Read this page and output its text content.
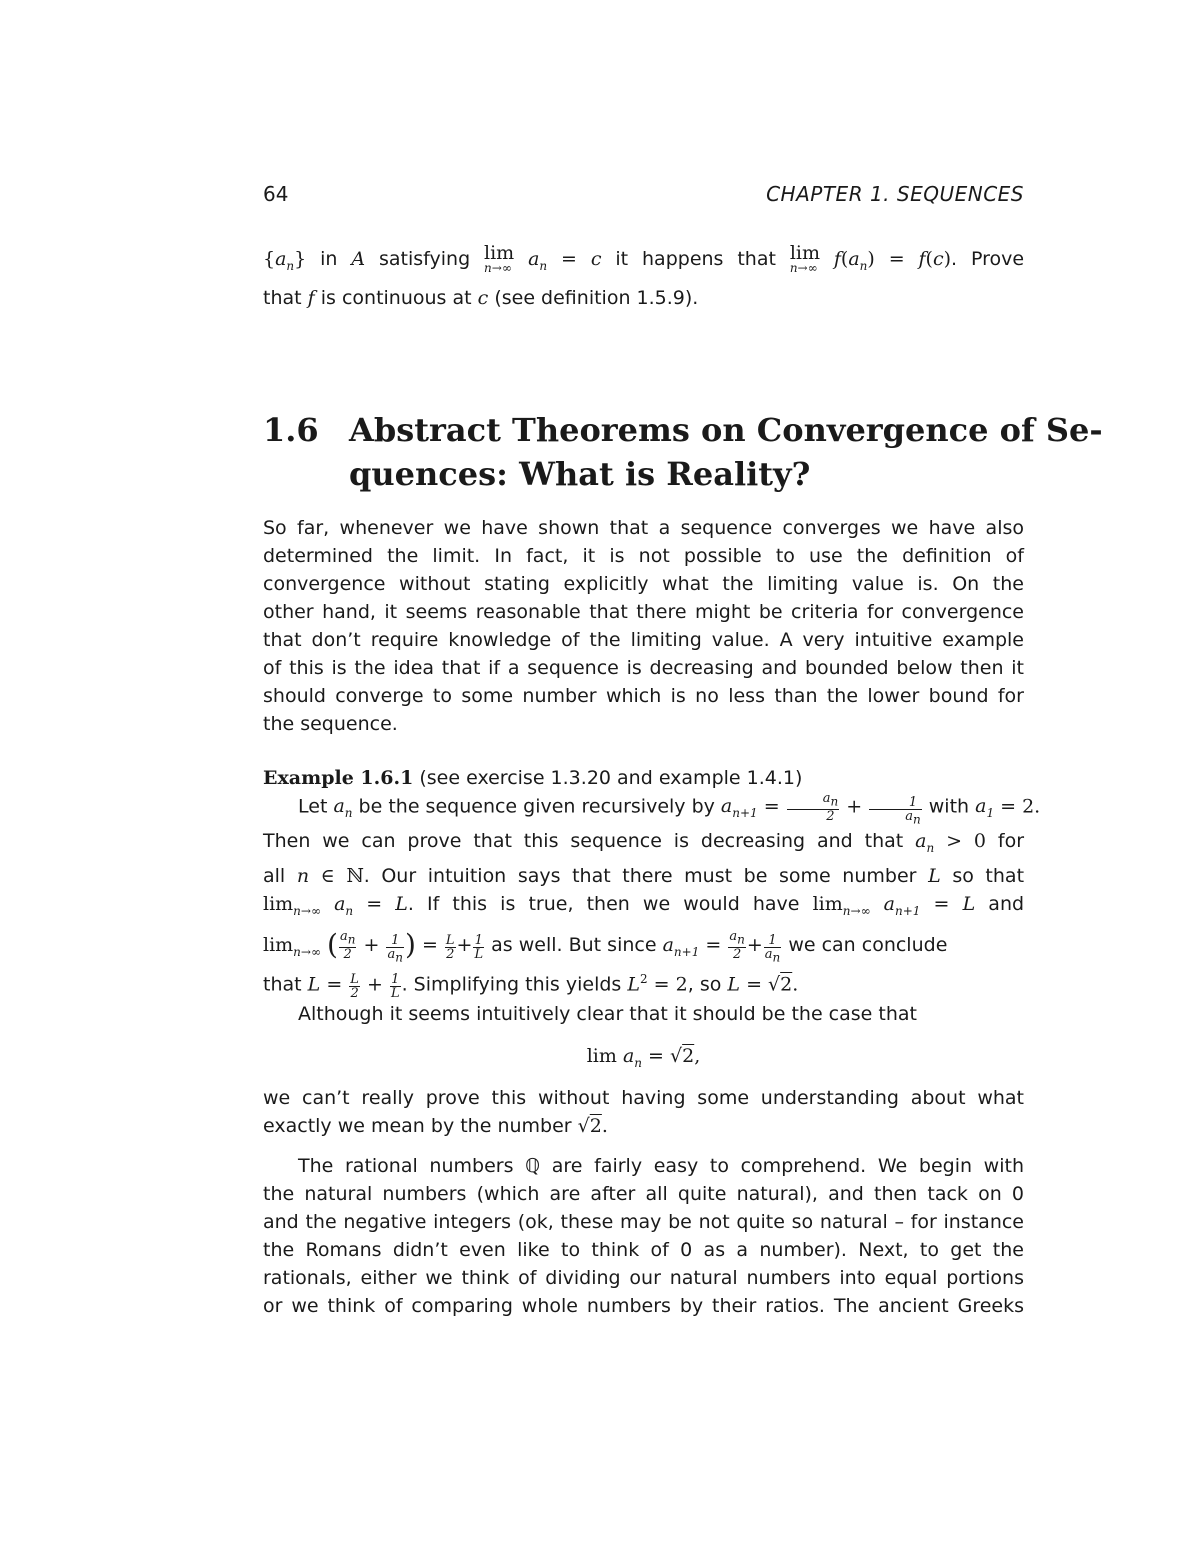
64	CHAPTER 1. SEQUENCES
$\{a_n\}$ in A satisfying lim
n→∞ $a_n = c$ it happens that lim
n→∞ $f(a_n) = f(c)$. Prove
that f is continuous at c (see definition 1.5.9).
1.6 Abstract Theorems on Convergence of Se-
quences: What is Reality?
So far, whenever we have shown that a sequence converges we have also
determined the limit. In fact, it is not possible to use the definition of
convergence without stating explicitly what the limiting value is. On the
other hand, it seems reasonable that there might be criteria for convergence
that don’t require knowledge of the limiting value. A very intuitive example
of this is the idea that if a sequence is decreasing and bounded below then it
should converge to some number which is no less than the lower bound for
the sequence.
Example 1.6.1 (see exercise 1.3.20 and example 1.4.1)
Let $a_n$ be the sequence given recursively by $a_{n+1} = \frac{a_n}{2} + \frac{1}{a_n}$ with $a_1 = 2$.
Then we can prove that this sequence is decreasing and that $a_n > 0$ for
all n ∈ ℕ. Our intuition says that there must be some number L so that
$\lim_{n\to\infty} a_n = L$. If this is true, then we would have $\lim_{n\to\infty} a_{n+1} = L$ and
$\lim_{n\to\infty}$ ( $\frac{a_n}{2} + \frac{1}{a_n}$ ) = $\frac{L}{2} + \frac{1}{L}$ as well. But since $a_{n+1} = \frac{a_n}{2} + \frac{1}{a_n}$ we can conclude
that $L = \frac{L}{2} + \frac{1}{L}$ . Simplifying this yields $L^2 = 2$, so L = √2.
Although it seems intuitively clear that it should be the case that
$\lim a_n = √2$,
we can’t really prove this without having some understanding about what
exactly we mean by the number √2.
The rational numbers ℚ are fairly easy to comprehend. We begin with
the natural numbers (which are after all quite natural), and then tack on 0
and the negative integers (ok, these may be not quite so natural – for instance
the Romans didn’t even like to think of 0 as a number). Next, to get the
rationals, either we think of dividing our natural numbers into equal portions
or we think of comparing whole numbers by their ratios. The ancient Greeks
